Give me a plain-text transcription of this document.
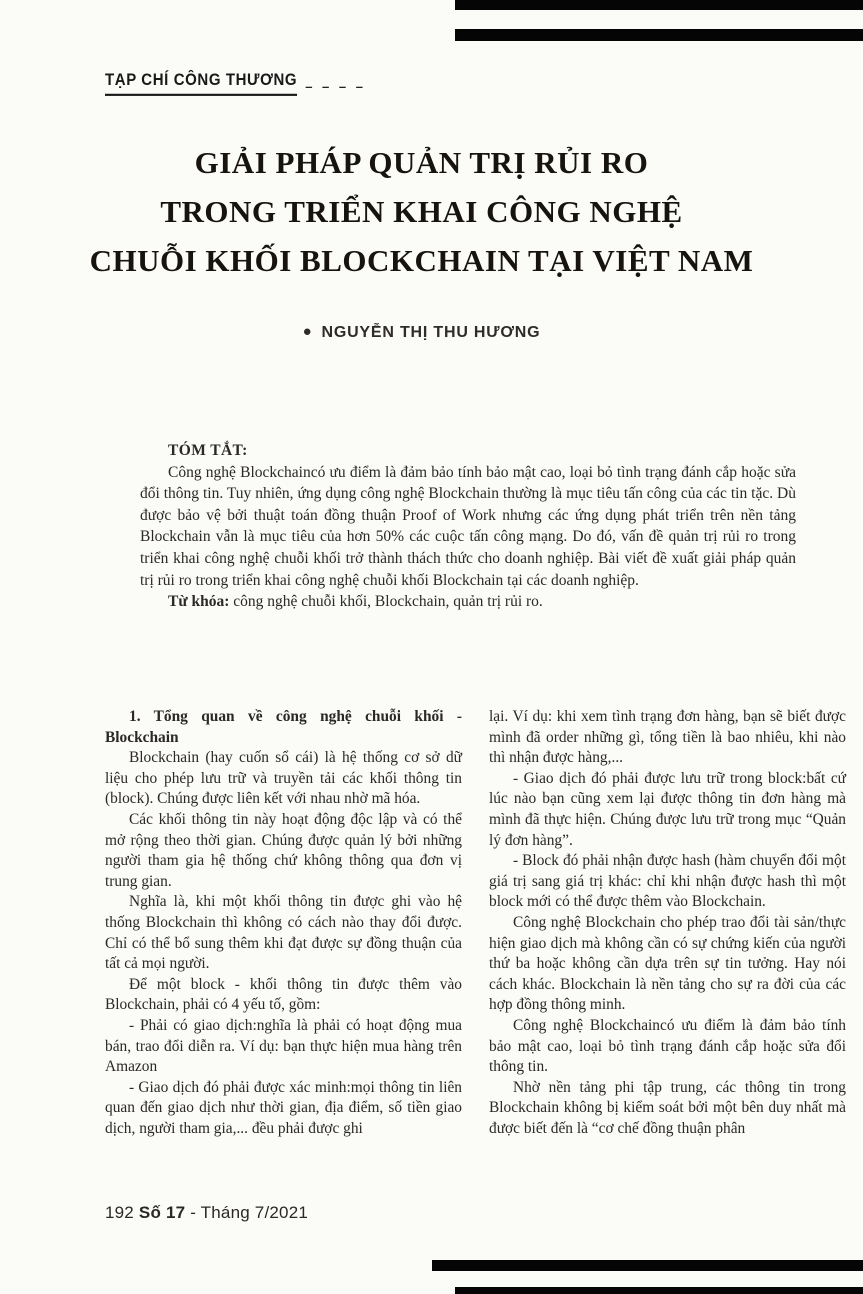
TẠP CHÍ CÔNG THƯƠNG – – – –
GIẢI PHÁP QUẢN TRỊ RỦI RO
TRONG TRIỂN KHAI CÔNG NGHỆ
CHUỖI KHỐI BLOCKCHAIN TẠI VIỆT NAM
● NGUYỄN THỊ THU HƯƠNG

TÓM TẮT:

Công nghệ Blockchaincó ưu điểm là đảm bảo tính bảo mật cao, loại bỏ tình trạng đánh cắp hoặc sửa đổi thông tin. Tuy nhiên, ứng dụng công nghệ Blockchain thường là mục tiêu tấn công của các tin tặc. Dù được bảo vệ bởi thuật toán đồng thuận Proof of Work nhưng các ứng dụng phát triển trên nền tảng Blockchain vẫn là mục tiêu của hơn 50% các cuộc tấn công mạng. Do đó, vấn đề quản trị rủi ro trong triển khai công nghệ chuỗi khối trở thành thách thức cho doanh nghiệp. Bài viết đề xuất giải pháp quản trị rủi ro trong triển khai công nghệ chuỗi khối Blockchain tại các doanh nghiệp.

Từ khóa: công nghệ chuỗi khối, Blockchain, quản trị rủi ro.

1. Tổng quan về công nghệ chuỗi khối - Blockchain

Blockchain (hay cuốn sổ cái) là hệ thống cơ sở dữ liệu cho phép lưu trữ và truyền tải các khối thông tin (block). Chúng được liên kết với nhau nhờ mã hóa.

Các khối thông tin này hoạt động độc lập và có thể mở rộng theo thời gian. Chúng được quản lý bởi những người tham gia hệ thống chứ không thông qua đơn vị trung gian.

Nghĩa là, khi một khối thông tin được ghi vào hệ thống Blockchain thì không có cách nào thay đổi được. Chỉ có thể bổ sung thêm khi đạt được sự đồng thuận của tất cả mọi người.

Để một block - khối thông tin được thêm vào Blockchain, phải có 4 yếu tố, gồm:

- Phải có giao dịch:nghĩa là phải có hoạt động mua bán, trao đổi diễn ra. Ví dụ: bạn thực hiện mua hàng trên Amazon

- Giao dịch đó phải được xác minh:mọi thông tin liên quan đến giao dịch như thời gian, địa điểm, số tiền giao dịch, người tham gia,... đều phải được ghi

lại. Ví dụ: khi xem tình trạng đơn hàng, bạn sẽ biết được mình đã order những gì, tổng tiền là bao nhiêu, khi nào thì nhận được hàng,...

- Giao dịch đó phải được lưu trữ trong block:bất cứ lúc nào bạn cũng xem lại được thông tin đơn hàng mà mình đã thực hiện. Chúng được lưu trữ trong mục “Quản lý đơn hàng”.

- Block đó phải nhận được hash (hàm chuyển đổi một giá trị sang giá trị khác: chỉ khi nhận được hash thì một block mới có thể được thêm vào Blockchain.

Công nghệ Blockchain cho phép trao đổi tài sản/thực hiện giao dịch mà không cần có sự chứng kiến của người thứ ba hoặc không cần dựa trên sự tin tưởng. Hay nói cách khác. Blockchain là nền tảng cho sự ra đời của các hợp đồng thông minh.

Công nghệ Blockchaincó ưu điểm là đảm bảo tính bảo mật cao, loại bỏ tình trạng đánh cắp hoặc sửa đổi thông tin.

Nhờ nền tảng phi tập trung, các thông tin trong Blockchain không bị kiểm soát bởi một bên duy nhất mà được biết đến là “cơ chế đồng thuận phân

192 Số 17 - Tháng 7/2021
